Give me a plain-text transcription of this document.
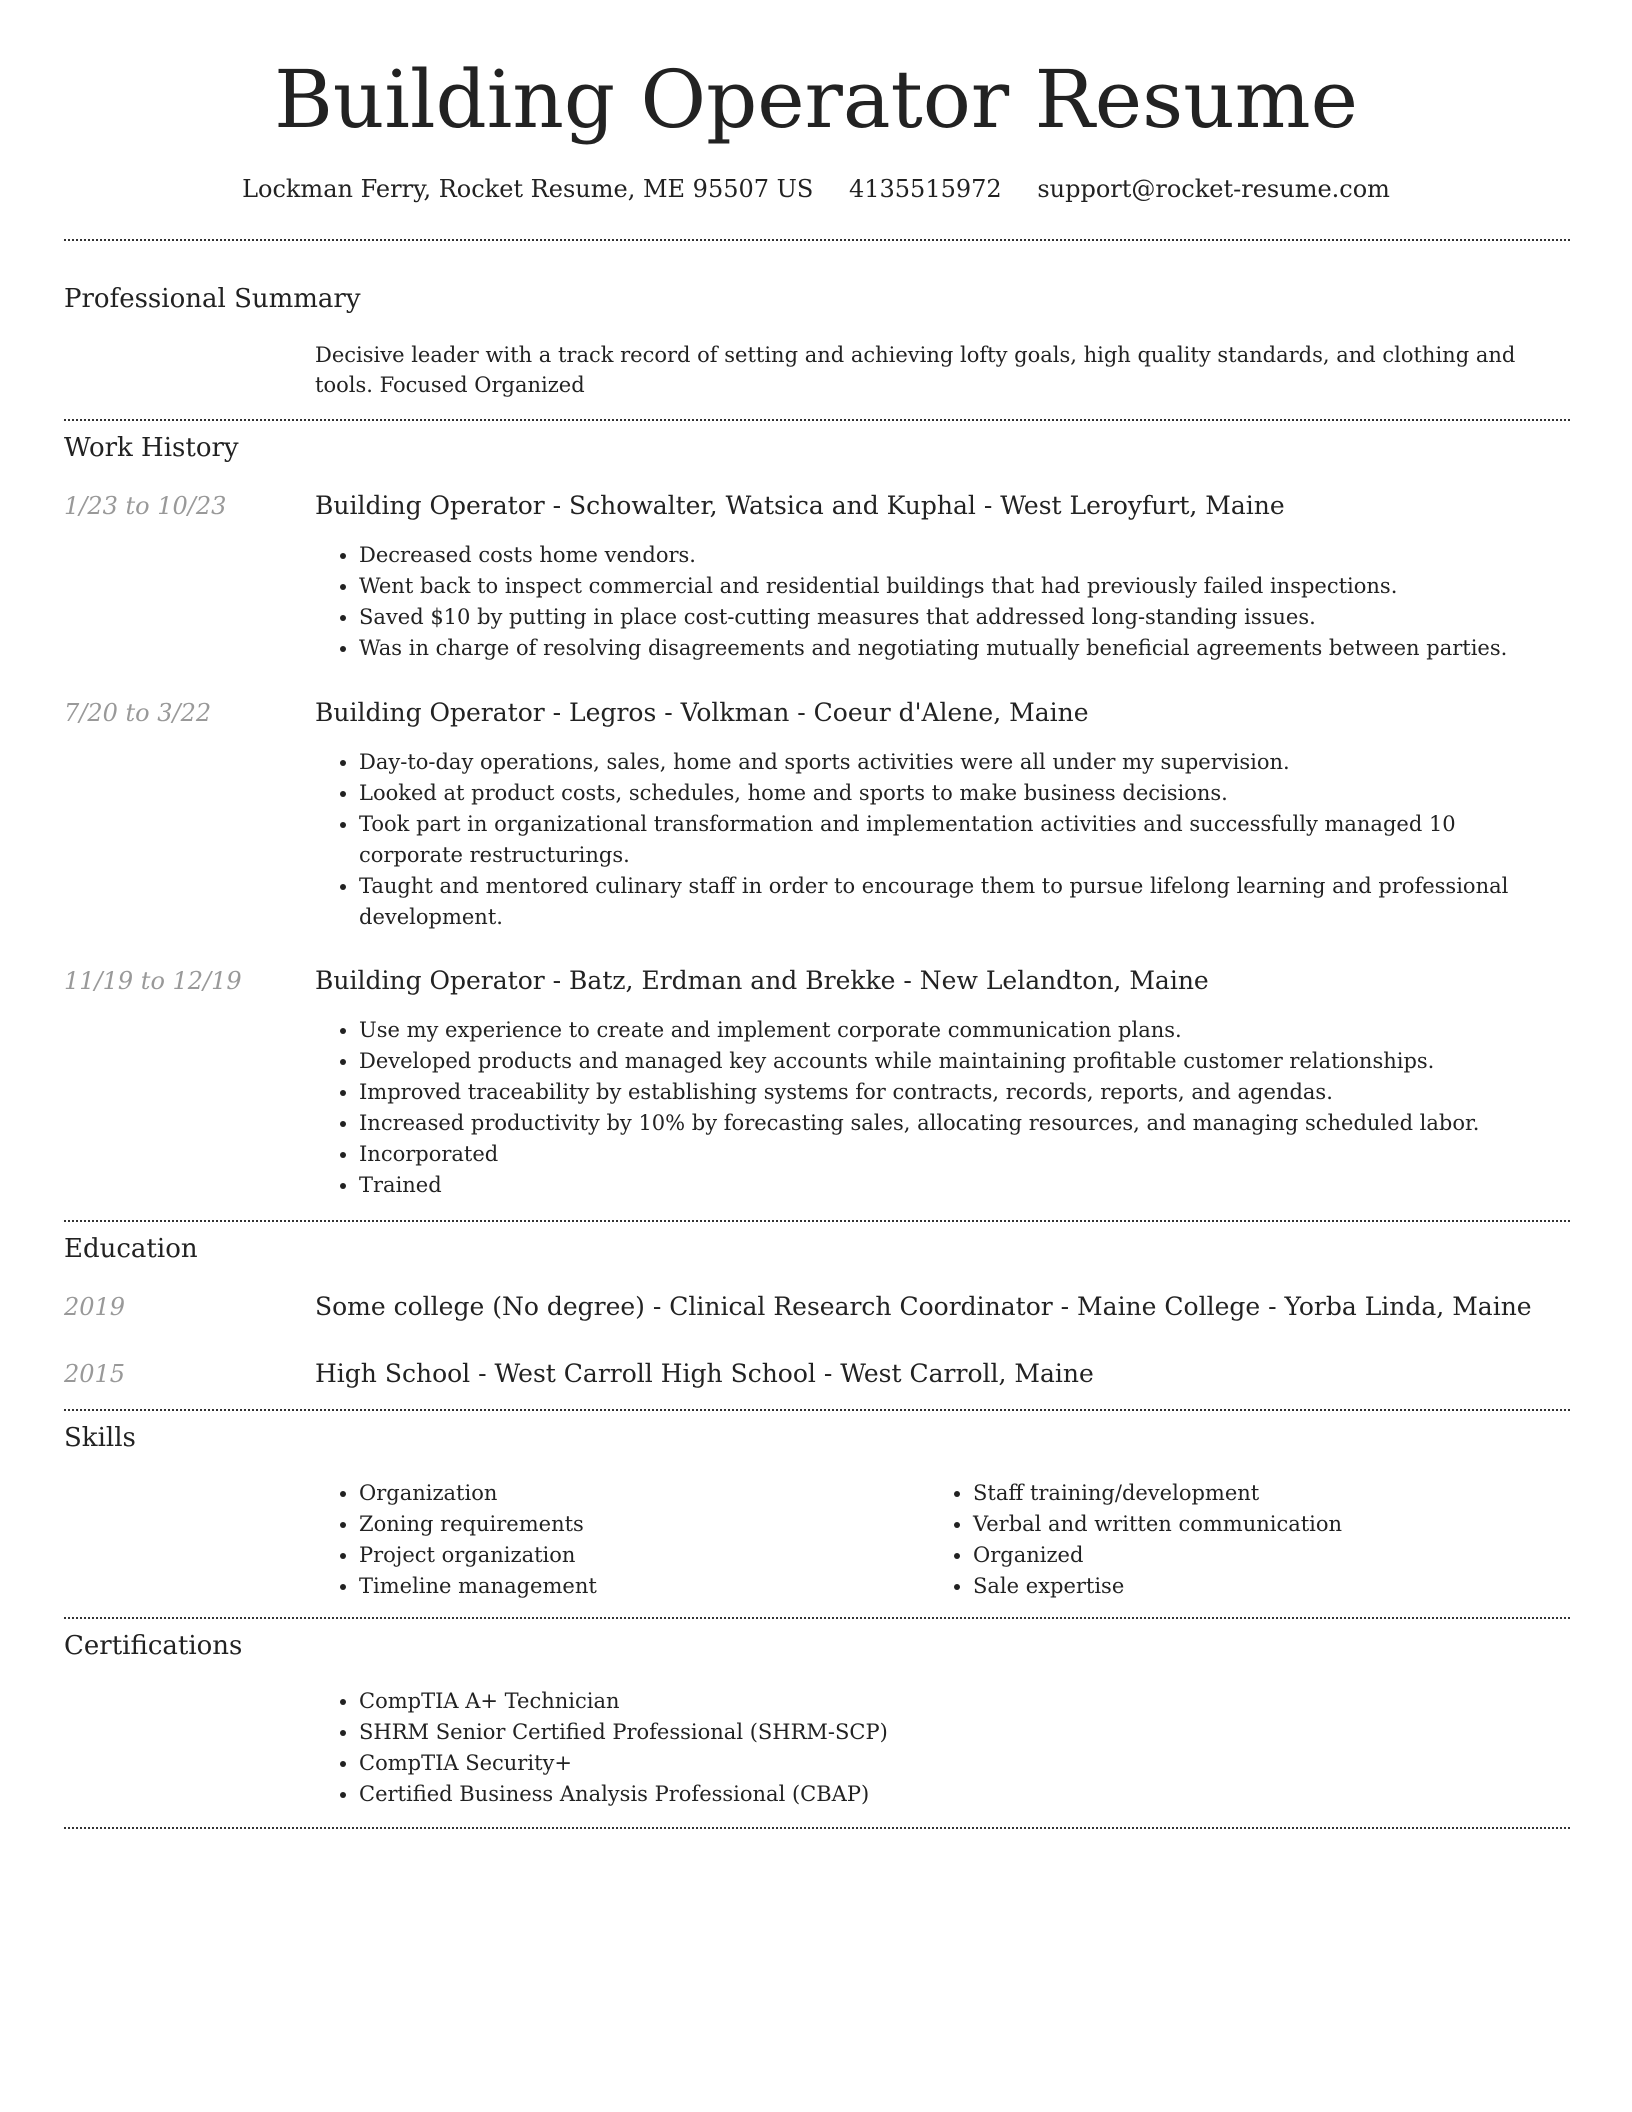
Building Operator Resume
Lockman Ferry, Rocket Resume, ME 95507 US 4135515972 support@rocket-resume.com
Professional Summary
Decisive leader with a track record of setting and achieving lofty goals, high quality standards, and clothing and tools. Focused Organized
Work History
1/23 to 10/23	Building Operator - Schowalter, Watsica and Kuphal - West Leroyfurt, Maine
• Decreased costs home vendors.
• Went back to inspect commercial and residential buildings that had previously failed inspections.
• Saved $10 by putting in place cost-cutting measures that addressed long-standing issues.
• Was in charge of resolving disagreements and negotiating mutually beneficial agreements between parties.
7/20 to 3/22	Building Operator - Legros - Volkman - Coeur d'Alene, Maine
• Day-to-day operations, sales, home and sports activities were all under my supervision.
• Looked at product costs, schedules, home and sports to make business decisions.
• Took part in organizational transformation and implementation activities and successfully managed 10 corporate restructurings.
• Taught and mentored culinary staff in order to encourage them to pursue lifelong learning and professional development.
11/19 to 12/19	Building Operator - Batz, Erdman and Brekke - New Lelandton, Maine
• Use my experience to create and implement corporate communication plans.
• Developed products and managed key accounts while maintaining profitable customer relationships.
• Improved traceability by establishing systems for contracts, records, reports, and agendas.
• Increased productivity by 10% by forecasting sales, allocating resources, and managing scheduled labor.
• Incorporated
• Trained
Education
2019	Some college (No degree) - Clinical Research Coordinator - Maine College - Yorba Linda, Maine
2015	High School - West Carroll High School - West Carroll, Maine
Skills
• Organization
• Zoning requirements
• Project organization
• Timeline management
• Staff training/development
• Verbal and written communication
• Organized
• Sale expertise
Certifications
• CompTIA A+ Technician
• SHRM Senior Certified Professional (SHRM-SCP)
• CompTIA Security+
• Certified Business Analysis Professional (CBAP)
